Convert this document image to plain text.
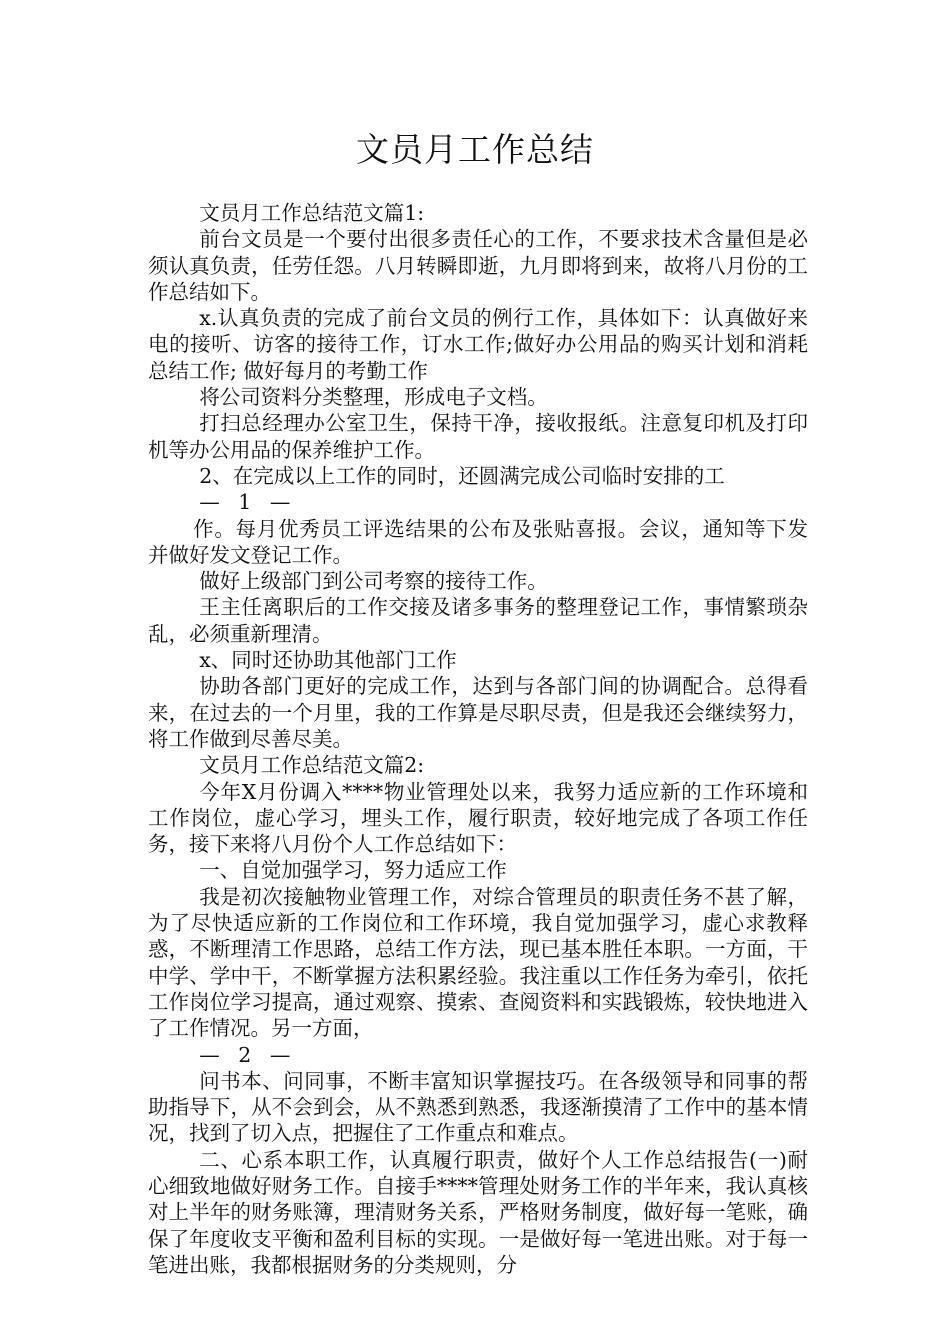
文员月工作总结

文员月工作总结范文篇1:

前台文员是一个要付出很多责任心的工作，不要求技术含量但是必须认真负责，任劳任怨。八月转瞬即逝，九月即将到来，故将八月份的工作总结如下。

x.认真负责的完成了前台文员的例行工作，具体如下：认真做好来电的接听、访客的接待工作，订水工作;做好办公用品的购买计划和消耗总结工作; 做好每月的考勤工作

将公司资料分类整理，形成电子文档。

打扫总经理办公室卫生，保持干净，接收报纸。注意复印机及打印机等办公用品的保养维护工作。

2、在完成以上工作的同时，还圆满完成公司临时安排的工

— 1 —

作。每月优秀员工评选结果的公布及张贴喜报。会议，通知等下发并做好发文登记工作。

做好上级部门到公司考察的接待工作。

王主任离职后的工作交接及诸多事务的整理登记工作，事情繁琐杂乱，必须重新理清。

x、同时还协助其他部门工作

协助各部门更好的完成工作，达到与各部门间的协调配合。总得看来，在过去的一个月里，我的工作算是尽职尽责，但是我还会继续努力，将工作做到尽善尽美。

文员月工作总结范文篇2:

今年X月份调入****物业管理处以来，我努力适应新的工作环境和工作岗位，虚心学习，埋头工作，履行职责，较好地完成了各项工作任务，接下来将八月份个人工作总结如下：

一、自觉加强学习，努力适应工作

我是初次接触物业管理工作，对综合管理员的职责任务不甚了解，为了尽快适应新的工作岗位和工作环境，我自觉加强学习，虚心求教释惑，不断理清工作思路，总结工作方法，现已基本胜任本职。一方面，干中学、学中干，不断掌握方法积累经验。我注重以工作任务为牵引，依托工作岗位学习提高，通过观察、摸索、查阅资料和实践锻炼，较快地进入了工作情况。另一方面，

— 2 —

问书本、问同事，不断丰富知识掌握技巧。在各级领导和同事的帮助指导下，从不会到会，从不熟悉到熟悉，我逐渐摸清了工作中的基本情况，找到了切入点，把握住了工作重点和难点。

二、心系本职工作，认真履行职责，做好个人工作总结报告(一)耐心细致地做好财务工作。自接手****管理处财务工作的半年来，我认真核对上半年的财务账簿，理清财务关系，严格财务制度，做好每一笔账，确保了年度收支平衡和盈利目标的实现。一是做好每一笔进出账。对于每一笔进出账，我都根据财务的分类规则，分
